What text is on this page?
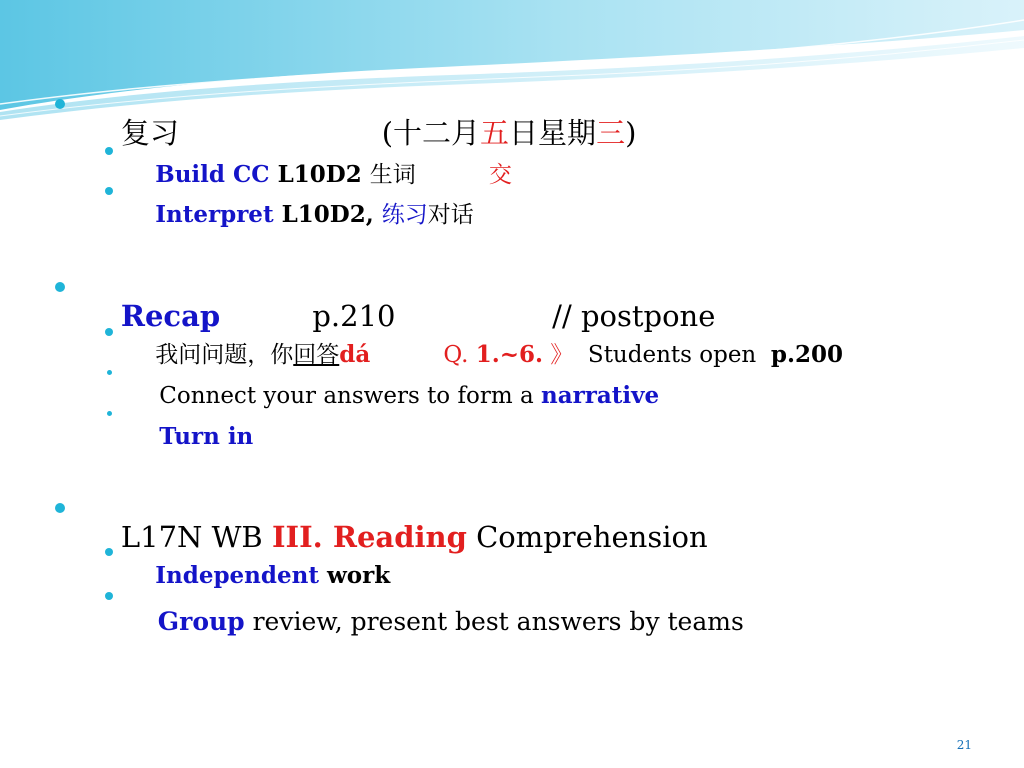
复习                      (十二月五日星期三)

Build CC L10D2 生词          交

Interpret L10D2, 练习对话

Recap          p.210                 // postpone

我问问题，你回答dá          Q. 1.~6. 》  Students open  p.200

Connect your answers to form a narrative

Turn in

L17N WB III. Reading Comprehension

Independent work

Group review, present best answers by teams

21
